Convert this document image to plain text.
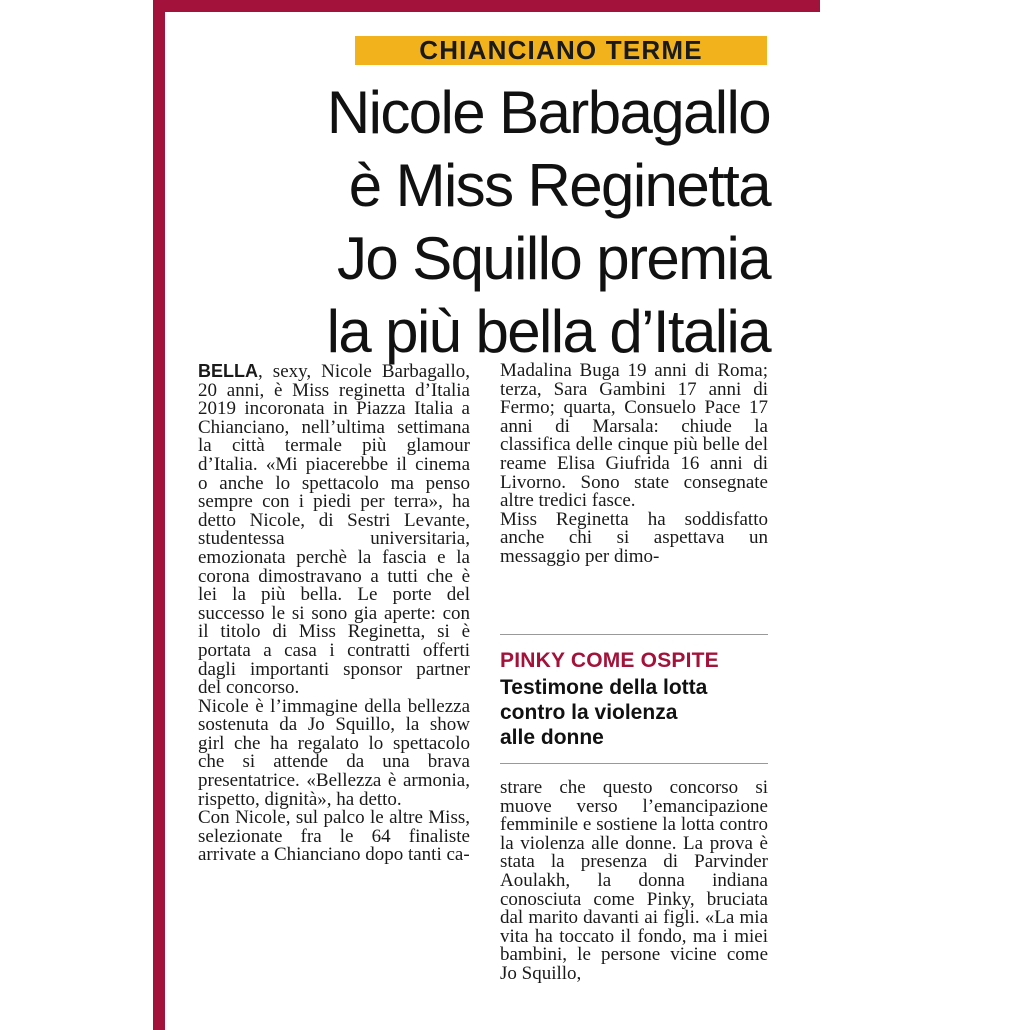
CHIANCIANO TERME
Nicole Barbagallo
è Miss Reginetta
Jo Squillo premia
la più bella d’Italia

BELLA, sexy, Nicole Barbagallo, 20 anni, è Miss reginetta d’Italia 2019 incoronata in Piazza Italia a Chianciano, nell’ultima settimana la città termale più glamour d’Italia. «Mi piacerebbe il cinema o anche lo spettacolo ma penso sempre con i piedi per terra», ha detto Nicole, di Sestri Levante, studentessa universitaria, emozionata perchè la fascia e la corona dimostravano a tutti che è lei la più bella. Le porte del successo le si sono gia aperte: con il titolo di Miss Reginetta, si è portata a casa i contratti offerti dagli importanti sponsor partner del concorso.

Nicole è l’immagine della bellezza sostenuta da Jo Squillo, la show girl che ha regalato lo spettacolo che si attende da una brava presentatrice. «Bellezza è armonia, rispetto, dignità», ha detto.

Con Nicole, sul palco le altre Miss, selezionate fra le 64 finaliste arrivate a Chianciano dopo tanti ca-

Madalina Buga 19 anni di Roma; terza, Sara Gambini 17 anni di Fermo; quarta, Consuelo Pace 17 anni di Marsala: chiude la classifica delle cinque più belle del reame Elisa Giufrida 16 anni di Livorno. Sono state consegnate altre tredici fasce.

Miss Reginetta ha soddisfatto anche chi si aspettava un messaggio per dimo-

PINKY COME OSPITE
Testimone della lotta
contro la violenza
alle donne

strare che questo concorso si muove verso l’emancipazione femminile e sostiene la lotta contro la violenza alle donne. La prova è stata la presenza di Parvinder Aoulakh, la donna indiana conosciuta come Pinky, bruciata dal marito davanti ai figli. «La mia vita ha toccato il fondo, ma i miei bambini, le persone vicine come Jo Squillo,
